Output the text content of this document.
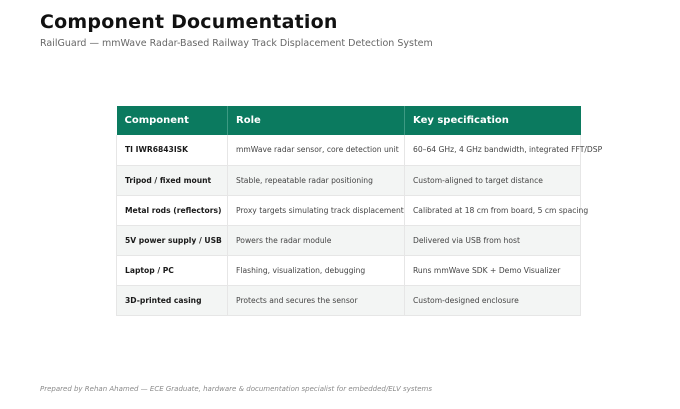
Component Documentation

RailGuard — mmWave Radar-Based Railway Track Displacement Detection System

Component	Role	Key specification
TI IWR6843ISK	mmWave radar sensor, core detection unit	60–64 GHz, 4 GHz bandwidth, integrated FFT/DSP
Tripod / fixed mount	Stable, repeatable radar positioning	Custom-aligned to target distance
Metal rods (reflectors)	Proxy targets simulating track displacement	Calibrated at 18 cm from board, 5 cm spacing
5V power supply / USB	Powers the radar module	Delivered via USB from host
Laptop / PC	Flashing, visualization, debugging	Runs mmWave SDK + Demo Visualizer
3D-printed casing	Protects and secures the sensor	Custom-designed enclosure

Prepared by Rehan Ahamed — ECE Graduate, hardware & documentation specialist for embedded/ELV systems
